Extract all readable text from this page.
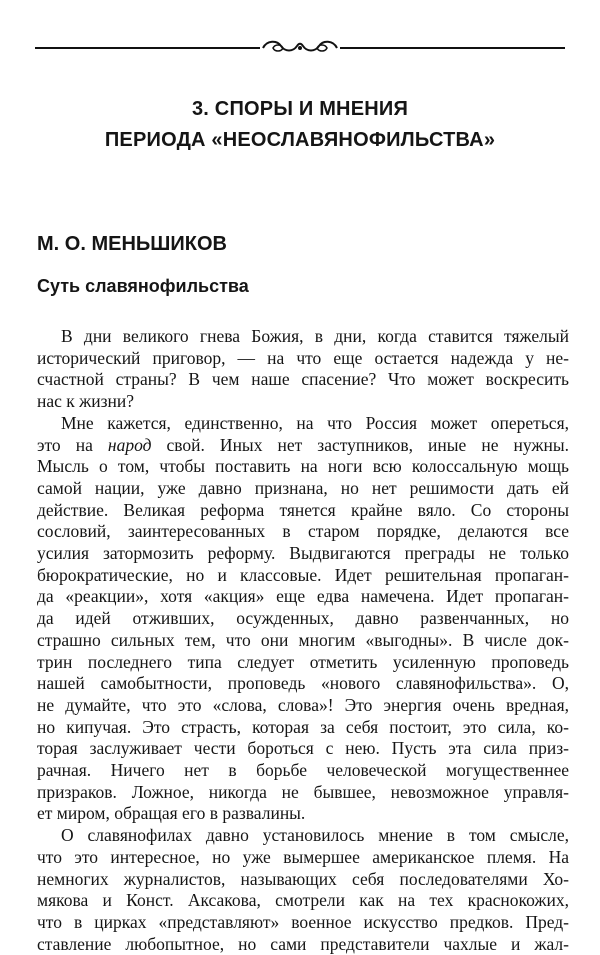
3. СПОРЫ И МНЕНИЯ
ПЕРИОДА «НЕОСЛАВЯНОФИЛЬСТВА»
М. О. МЕНЬШИКОВ
Суть славянофильства
В дни великого гнева Божия, в дни, когда ставится тяжелый
исторический приговор, — на что еще остается надежда у не-
счастной страны? В чем наше спасение? Что может воскресить
нас к жизни?
Мне кажется, единственно, на что Россия может опереться,
это на народ свой. Иных нет заступников, иные не нужны.
Мысль о том, чтобы поставить на ноги всю колоссальную мощь
самой нации, уже давно признана, но нет решимости дать ей
действие. Великая реформа тянется крайне вяло. Со стороны
сословий, заинтересованных в старом порядке, делаются все
усилия затормозить реформу. Выдвигаются преграды не только
бюрократические, но и классовые. Идет решительная пропаган-
да «реакции», хотя «акция» еще едва намечена. Идет пропаган-
да идей отживших, осужденных, давно развенчанных, но
страшно сильных тем, что они многим «выгодны». В числе док-
трин последнего типа следует отметить усиленную проповедь
нашей самобытности, проповедь «нового славянофильства». О,
не думайте, что это «слова, слова»! Это энергия очень вредная,
но кипучая. Это страсть, которая за себя постоит, это сила, ко-
торая заслуживает чести бороться с нею. Пусть эта сила приз-
рачная. Ничего нет в борьбе человеческой могущественнее
призраков. Ложное, никогда не бывшее, невозможное управля-
ет миром, обращая его в развалины.
О славянофилах давно установилось мнение в том смысле,
что это интересное, но уже вымершее американское племя. На
немногих журналистов, называющих себя последователями Хо-
мякова и Конст. Аксакова, смотрели как на тех краснокожих,
что в цирках «представляют» военное искусство предков. Пред-
ставление любопытное, но сами представители чахлые и жал-
